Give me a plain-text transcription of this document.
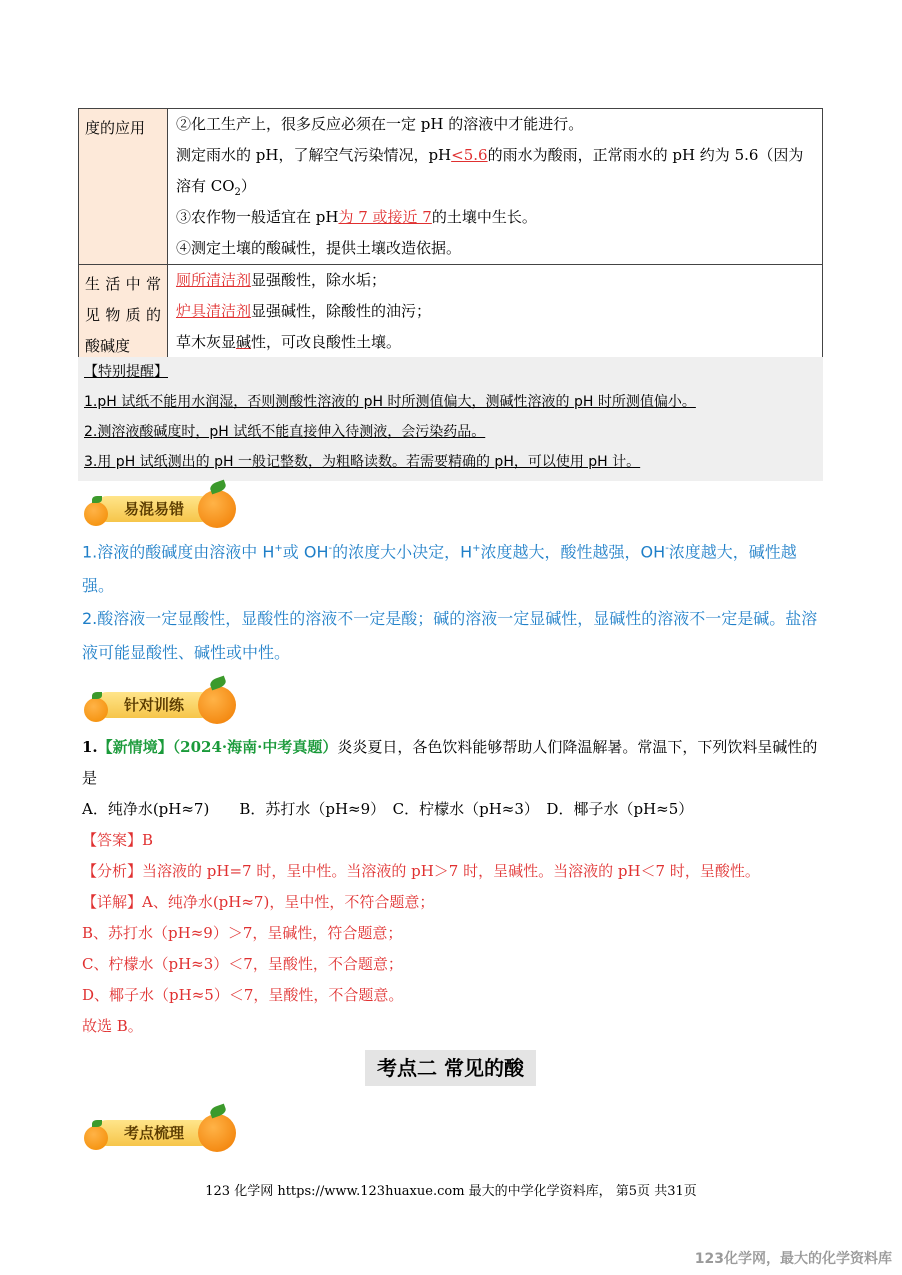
度的应用	②化工生产上，很多反应必须在一定 pH 的溶液中才能进行。
测定雨水的 pH，了解空气污染情况，pH<5.6的雨水为酸雨，正常雨水的 pH 约为 5.6（因为
溶有 $CO_2$）
③农作物一般适宜在 pH为 7 或接近 7的土壤中生长。
④测定土壤的酸碱性，提供土壤改造依据。

生 活 中 常 见 物 质 的 酸碱度	厕所清洁剂显强酸性，除水垢；
炉具清洁剂显强碱性，除酸性的油污；
草木灰显碱性，可改良酸性土壤。
【特别提醒】
1.pH 试纸不能用水润湿，否则测酸性溶液的 pH 时所测值偏大，测碱性溶液的 pH 时所测值偏小。
2.测溶液酸碱度时，pH 试纸不能直接伸入待测液，会污染药品。
3.用 pH 试纸测出的 pH 一般记整数，为粗略读数。若需要精确的 pH，可以使用 pH 计。
易混易错
1.溶液的酸碱度由溶液中 H+或 OH-的浓度大小决定，H+浓度越大，酸性越强，OH-浓度越大，碱性越强。
2.酸溶液一定显酸性，显酸性的溶液不一定是酸；碱的溶液一定显碱性，显碱性的溶液不一定是碱。盐溶液可能显酸性、碱性或中性。
针对训练
1.【新情境】（2024·海南·中考真题）炎炎夏日，各色饮料能够帮助人们降温解暑。常温下，下列饮料呈碱性的是
A．纯净水(pH≈7)　　B．苏打水（pH≈9）　C．柠檬水（pH≈3）　D．椰子水（pH≈5）
【答案】B
【分析】当溶液的 pH=7 时，呈中性。当溶液的 pH＞7 时，呈碱性。当溶液的 pH＜7 时，呈酸性。
【详解】A、纯净水(pH≈7)，呈中性，不符合题意；
B、苏打水（pH≈9）＞7，呈碱性，符合题意；
C、柠檬水（pH≈3）＜7，呈酸性，不合题意；
D、椰子水（pH≈5）＜7，呈酸性，不合题意。
故选 B。
考点二 常见的酸
考点梳理
123 化学网 https://www.123huaxue.com 最大的中学化学资料库， 第5页 共31页
123化学网，最大的化学资料库
